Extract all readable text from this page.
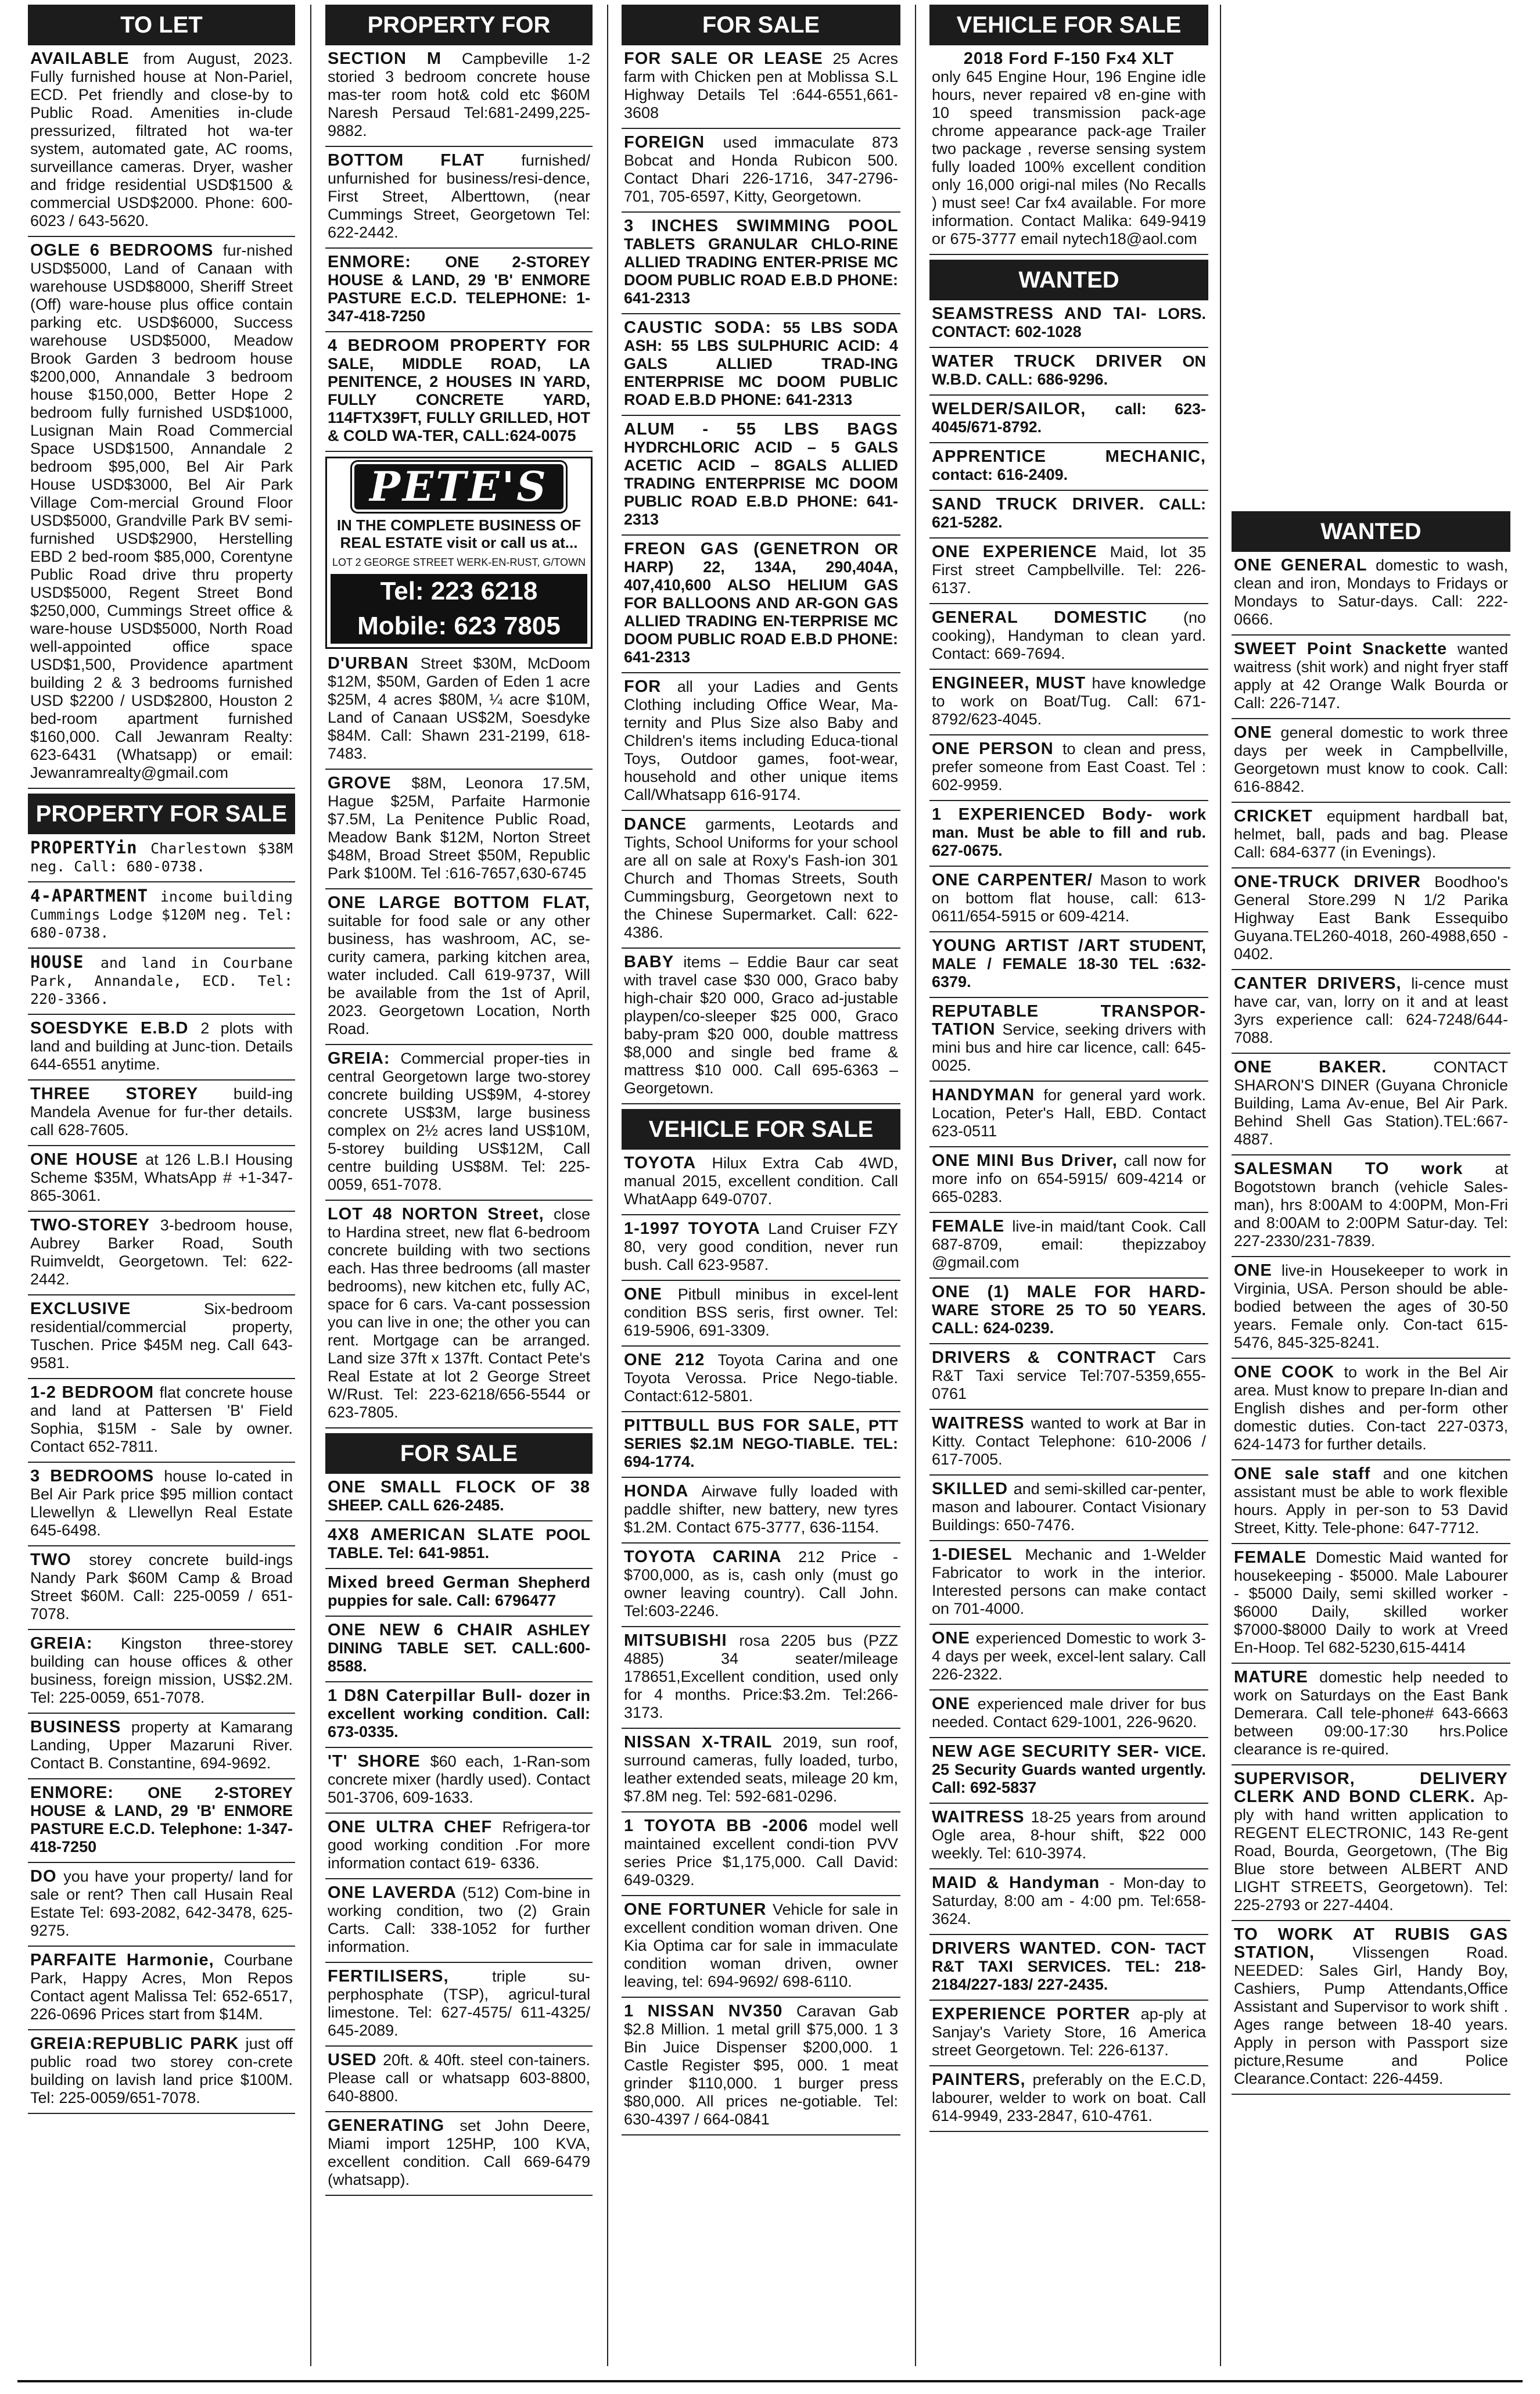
TO LET
AVAILABLE from August, 2023. Fully furnished house at Non-Pariel, ECD. Pet friendly and close-by to Public Road. Amenities in-clude pressurized, filtrated hot wa-ter system, automated gate, AC rooms, surveillance cameras. Dryer, washer and fridge residential USD$1500 & commercial USD$2000. Phone: 600-6023 / 643-5620.
OGLE 6 BEDROOMS fur-nished USD$5000, Land of Canaan with warehouse USD$8000, Sheriff Street (Off) ware-house plus office contain parking etc. USD$6000, Success warehouse USD$5000, Meadow Brook Garden 3 bedroom house $200,000, Annandale 3 bedroom house $150,000, Better Hope 2 bedroom fully furnished USD$1000, Lusignan Main Road Commercial Space USD$1500, Annandale 2 bedroom $95,000, Bel Air Park House USD$3000, Bel Air Park Village Com-mercial Ground Floor USD$5000, Grandville Park BV semi- furnished USD$2900, Herstelling EBD 2 bed-room $85,000, Corentyne Public Road drive thru property USD$5000, Regent Street Bond $250,000, Cummings Street office & ware-house USD$5000, North Road well-appointed office space USD$1,500, Providence apartment building 2 & 3 bedrooms furnished USD $2200 / USD$2800, Houston 2 bed-room apartment furnished $160,000. Call Jewanram Realty: 623-6431 (Whatsapp) or email: Jewanramrealty@gmail.com
PROPERTY FOR SALE
PROPERTYin Charlestown $38M neg. Call: 680-0738.
4-APARTMENT income building Cummings Lodge $120M neg. Tel: 680-0738.
HOUSE and land in Courbane Park, Annandale, ECD. Tel: 220-3366.
SOESDYKE E.B.D 2 plots with land and building at Junc-tion. Details 644-6551 anytime.
THREE STOREY build-ing Mandela Avenue for fur-ther details. call 628-7605.
ONE HOUSE at 126 L.B.I Housing Scheme $35M, WhatsApp # +1-347-865-3061.
TWO-STOREY 3-bedroom house, Aubrey Barker Road, South Ruimveldt, Georgetown. Tel: 622-2442.
EXCLUSIVE	Six-bedroom residential/commercial property, Tuschen. Price $45M neg. Call 643-9581.
1-2 BEDROOM flat concrete house and land at Pattersen 'B' Field Sophia, $15M - Sale by owner. Contact 652-7811.
3 BEDROOMS house lo-cated in Bel Air Park price $95 million contact Llewellyn & Llewellyn Real Estate 645-6498.
TWO storey concrete build-ings Nandy Park $60M Camp & Broad Street $60M. Call: 225-0059 / 651-7078.
GREIA: Kingston three-storey building can house offices & other business, foreign mission, US$2.2M. Tel: 225-0059, 651-7078.
BUSINESS property at Kamarang Landing, Upper Mazaruni River. Contact B. Constantine, 694-9692.
ENMORE: ONE 2-STOREY HOUSE & LAND, 29 'B' ENMORE PASTURE E.C.D. Telephone: 1-347-418-7250
DO you have your property/ land for sale or rent? Then call Husain Real Estate Tel: 693-2082, 642-3478, 625-9275.
PARFAITE Harmonie, Courbane Park, Happy Acres, Mon Repos Contact agent Malissa Tel: 652-6517, 226-0696 Prices start from $14M.
GREIA:REPUBLIC PARK just off public road two storey con-crete building on lavish land price $100M. Tel: 225-0059/651-7078.
PROPERTY FOR
SECTION M Campbeville 1-2 storied 3 bedroom concrete house mas-ter room hot& cold etc $60M Naresh Persaud Tel:681-2499,225-9882.
BOTTOM FLAT furnished/ unfurnished for business/resi-dence, First Street, Alberttown, (near Cummings Street, Georgetown Tel: 622-2442.
ENMORE: ONE 2-STOREY HOUSE & LAND, 29 'B' ENMORE PASTURE E.C.D. TELEPHONE: 1-347-418-7250
4 BEDROOM PROPERTY FOR SALE, MIDDLE ROAD, LA PENITENCE, 2 HOUSES IN YARD, FULLY CONCRETE YARD, 114FTX39FT, FULLY GRILLED, HOT & COLD WA-TER, CALL:624-0075
PETE'S
IN THE COMPLETE BUSINESS OF REAL ESTATE visit or call us at...
LOT 2 GEORGE STREET WERK-EN-RUST, G/TOWN
Tel: 223 6218
Mobile: 623 7805
D'URBAN Street $30M, McDoom $12M, $50M, Garden of Eden 1 acre $25M, 4 acres $80M, ¼ acre $10M, Land of Canaan US$2M, Soesdyke $84M. Call: Shawn 231-2199, 618-7483.
GROVE $8M, Leonora 17.5M, Hague $25M, Parfaite Harmonie $7.5M, La Penitence Public Road, Meadow Bank $12M, Norton Street $48M, Broad Street $50M, Republic Park $100M. Tel :616-7657,630-6745
ONE LARGE BOTTOM FLAT,suitable for food sale or any other business, has washroom, AC, se-curity camera, parking kitchen area, water included. Call 619-9737, Will be available from the 1st of April, 2023. Georgetown Location, North Road.
GREIA: Commercial proper-ties in central Georgetown large two-storey concrete building US$9M, 4-storey concrete US$3M, large business complex on 2½ acres land US$10M, 5-storey building US$12M, Call centre building US$8M. Tel: 225-0059, 651-7078.
LOT 48 NORTON Street, close to Hardina street, new flat 6-bedroom concrete building with two sections each. Has three bedrooms (all master bedrooms), new kitchen etc, fully AC, space for 6 cars. Va-cant possession you can live in one; the other you can rent. Mortgage can be arranged. Land size 37ft x 137ft. Contact Pete's Real Estate at lot 2 George Street W/Rust. Tel: 223-6218/656-5544 or 623-7805.
FOR SALE
ONE SMALL FLOCK OF 38SHEEP. CALL 626-2485.
4X8 AMERICAN SLATE POOL TABLE. Tel: 641-9851.
Mixed breed German Shepherd puppies for sale. Call: 6796477
ONE NEW 6 CHAIR ASHLEY DINING TABLE SET. CALL:600-8588.
1 D8N Caterpillar Bull- dozer in excellent working condition. Call: 673-0335.
'T' SHORE $60 each, 1-Ran-som concrete mixer (hardly used). Contact 501-3706, 609-1633.
ONE ULTRA CHEF Refrigera-tor good working condition .For more information contact 619- 6336.
ONE LAVERDA (512) Com-bine in working condition, two (2) Grain Carts. Call: 338-1052 for further information.
FERTILISERS,	triple su-perphosphate (TSP), agricul-tural limestone. Tel: 627-4575/ 611-4325/ 645-2089.
USED 20ft. & 40ft. steel con-tainers. Please call or whatsapp 603-8800, 640-8800.
GENERATING set John Deere, Miami import 125HP, 100 KVA, excellent condition. Call 669-6479 (whatsapp).
FOR SALE
FOR SALE OR LEASE 25 Acres farm with Chicken pen at Moblissa S.L Highway Details Tel :644-6551,661-3608
FOREIGN used immaculate 873 Bobcat and Honda Rubicon 500. Contact Dhari 226-1716, 347-2796-701, 705-6597, Kitty, Georgetown.
3 INCHES SWIMMING POOLTABLETS GRANULAR CHLO-RINE ALLIED TRADING ENTER-PRISE MC DOOM PUBLIC ROAD E.B.D PHONE: 641-2313
CAUSTIC SODA: 55 LBS SODA ASH: 55 LBS SULPHURIC ACID: 4 GALS ALLIED TRAD-ING ENTERPRISE MC DOOM PUBLIC ROAD E.B.D PHONE: 641-2313
ALUM - 55 LBS BAGSHYDRCHLORIC ACID – 5 GALS ACETIC ACID – 8GALS ALLIED TRADING ENTERPRISE MC DOOM PUBLIC ROAD E.B.D PHONE: 641-2313
FREON GAS (GENETRON OR HARP) 22, 134A, 290,404A, 407,410,600 ALSO HELIUM GAS FOR BALLOONS AND AR-GON GAS ALLIED TRADING EN-TERPRISE MC DOOM PUBLIC ROAD E.B.D PHONE: 641-2313
FOR all your Ladies and Gents Clothing including Office Wear, Ma-ternity and Plus Size also Baby and Children's items including Educa-tional Toys, Outdoor games, foot-wear, household and other unique items Call/Whatsapp 616-9174.
DANCE garments, Leotards and Tights, School Uniforms for your school are all on sale at Roxy's Fash-ion 301 Church and Thomas Streets, South Cummingsburg, Georgetown next to the Chinese Supermarket. Call: 622-4386.
BABY items – Eddie Baur car seat with travel case $30 000, Graco baby high-chair $20 000, Graco ad-justable playpen/co-sleeper $25 000, Graco baby-pram $20 000, double mattress $8,000 and single bed frame & mattress $10 000. Call 695-6363 – Georgetown.
VEHICLE FOR SALE
TOYOTA Hilux Extra Cab 4WD, manual 2015, excellent condition. Call WhatAapp 649-0707.
1-1997 TOYOTA Land Cruiser FZY 80, very good condition, never run bush. Call 623-9587.
ONE Pitbull minibus in excel-lent condition BSS seris, first owner. Tel: 619-5906, 691-3309.
ONE 212 Toyota Carina and one Toyota Verossa. Price Nego-tiable. Contact:612-5801.
PITTBULL BUS FOR SALE, PTT SERIES $2.1M NEGO-TIABLE. TEL: 694-1774.
HONDA Airwave fully loaded with paddle shifter, new battery, new tyres $1.2M. Contact 675-3777, 636-1154.
TOYOTA CARINA 212 Price - $700,000, as is, cash only (must go owner leaving country). Call John. Tel:603-2246.
MITSUBISHI rosa 2205 bus (PZZ 4885) 34 seater/mileage 178651,Excellent condition, used only for 4 months. Price:$3.2m. Tel:266-3173.
NISSAN X-TRAIL 2019, sun roof, surround cameras, fully loaded, turbo, leather extended seats, mileage 20 km, $7.8M neg. Tel: 592-681-0296.
1 TOYOTA BB -2006 model well maintained excellent condi-tion PVV series Price $1,175,000. Call David: 649-0329.
ONE FORTUNER Vehicle for sale in excellent condition woman driven. One Kia Optima car for sale in immaculate condition woman driven, owner leaving, tel: 694-9692/ 698-6110.
1 NISSAN NV350 Caravan Gab $2.8 Million. 1 metal grill $75,000. 1 3 Bin Juice Dispenser $200,000. 1 Castle Register $95, 000. 1 meat grinder $110,000. 1 burger press $80,000. All prices ne-gotiable. Tel: 630-4397 / 664-0841
VEHICLE FOR SALE
2018 Ford F-150 Fx4 XLT
only 645 Engine Hour, 196 Engine idle hours, never repaired v8 en-gine with 10 speed transmission pack-age chrome appearance pack-age Trailer two package , reverse sensing system fully loaded 100% excellent condition only 16,000 origi-nal miles (No Recalls ) must see! Car fx4 available. For more information. Contact Malika: 649-9419 or 675-3777 email nytech18@aol.com
WANTED
SEAMSTRESS AND TAI- LORS. CONTACT: 602-1028
WATER TRUCK DRIVER ON W.B.D. CALL: 686-9296.
WELDER/SAILOR, call: 623-4045/671-8792.
APPRENTICE MECHANIC,contact: 616-2409.
SAND TRUCK DRIVER. CALL: 621-5282.
ONE EXPERIENCE Maid, lot 35 First street Campbellville. Tel: 226-6137.
GENERAL DOMESTIC (no cooking), Handyman to clean yard. Contact: 669-7694.
ENGINEER, MUST have knowledge to work on Boat/Tug. Call: 671-8792/623-4045.
ONE PERSON to clean and press, prefer someone from East Coast. Tel : 602-9959.
1 EXPERIENCED Body- work man. Must be able to fill and rub. 627-0675.
ONE CARPENTER/ Mason to work on bottom flat house, call: 613-0611/654-5915 or 609-4214.
YOUNG ARTIST /ART STUDENT, MALE / FEMALE 18-30 TEL :632-6379.
REPUTABLE TRANSPOR-TATION Service, seeking drivers with mini bus and hire car licence, call: 645-0025.
HANDYMAN for general yard work. Location, Peter's Hall, EBD. Contact 623-0511
ONE MINI Bus Driver, call now for more info on 654-5915/ 609-4214 or 665-0283.
FEMALE live-in maid/tant Cook. Call 687-8709, email: thepizzaboy @gmail.com
ONE (1) MALE FOR HARD-WARE STORE 25 TO 50 YEARS. CALL: 624-0239.
DRIVERS & CONTRACT Cars R&T Taxi service Tel:707-5359,655-0761
WAITRESS wanted to work at Bar in Kitty. Contact Telephone: 610-2006 / 617-7005.
SKILLED and semi-skilled car-penter, mason and labourer. Contact Visionary Buildings: 650-7476.
1-DIESEL Mechanic and 1-Welder Fabricator to work in the interior. Interested persons can make contact on 701-4000.
ONE experienced Domestic to work 3-4 days per week, excel-lent salary. Call 226-2322.
ONE experienced male driver for bus needed. Contact 629-1001, 226-9620.
NEW AGE SECURITY SER- VICE. 25 Security Guards wanted urgently. Call: 692-5837
WAITRESS 18-25 years from around Ogle area, 8-hour shift, $22 000 weekly. Tel: 610-3974.
MAID & Handyman - Mon-day to Saturday, 8:00 am - 4:00 pm. Tel:658-3624.
DRIVERS WANTED. CON- TACT R&T TAXI SERVICES. TEL: 218-2184/227-183/ 227-2435.
EXPERIENCE PORTER ap-ply at Sanjay's Variety Store, 16 America street Georgetown. Tel: 226-6137.
PAINTERS, preferably on the E.C.D, labourer, welder to work on boat. Call 614-9949, 233-2847, 610-4761.
WANTED
ONE GENERAL domestic to wash, clean and iron, Mondays to Fridays or Mondays to Satur-days. Call: 222-0666.
SWEET Point Snackette wanted waitress (shit work) and night fryer staff apply at 42 Orange Walk Bourda or Call: 226-7147.
ONE general domestic to work three days per week in Campbellville, Georgetown must know to cook. Call: 616-8842.
CRICKET equipment hardball bat, helmet, ball, pads and bag. Please Call: 684-6377 (in Evenings).
ONE-TRUCK DRIVER Boodhoo's General Store.299 N 1/2 Parika Highway East Bank Essequibo Guyana.TEL260-4018, 260-4988,650 - 0402.
CANTER DRIVERS, li-cence must have car, van, lorry on it and at least 3yrs experience call: 624-7248/644-7088.
ONE BAKER.	CONTACT SHARON'S DINER (Guyana Chronicle Building, Lama Av-enue, Bel Air Park. Behind Shell Gas Station).TEL:667-4887.
SALESMAN TO work at Bogotstown branch (vehicle Sales-man), hrs 8:00AM to 4:00PM, Mon-Fri and 8:00AM to 2:00PM Satur-day. Tel: 227-2330/231-7839.
ONE live-in Housekeeper to work in Virginia, USA. Person should be able-bodied between the ages of 30-50 years. Female only. Con-tact 615-5476, 845-325-8241.
ONE COOK to work in the Bel Air area. Must know to prepare In-dian and English dishes and per-form other domestic duties. Con-tact 227-0373, 624-1473 for further details.
ONE sale staff and one kitchen assistant must be able to work flexible hours. Apply in per-son to 53 David Street, Kitty. Tele-phone: 647-7712.
FEMALE Domestic Maid wanted for housekeeping - $5000. Male Labourer - $5000 Daily, semi skilled worker - $6000 Daily, skilled worker $7000-$8000 Daily to work at Vreed En-Hoop. Tel 682-5230,615-4414
MATURE domestic help needed to work on Saturdays on the East Bank Demerara. Call tele-phone# 643-6663 between 09:00-17:30 hrs.Police clearance is re-quired.
SUPERVISOR, DELIVERY CLERK AND BOND CLERK. Ap-ply with hand written application to REGENT ELECTRONIC, 143 Re-gent Road, Bourda, Georgetown, (The Big Blue store between ALBERT AND LIGHT STREETS, Georgetown). Tel: 225-2793 or 227-4404.
TO WORK AT RUBIS GAS STATION, Vlissengen Road. NEEDED: Sales Girl, Handy Boy, Cashiers, Pump Attendants,Office Assistant and Supervisor to work shift . Ages range between 18-40 years. Apply in person with Passport size picture,Resume and Police Clearance.Contact: 226-4459.
